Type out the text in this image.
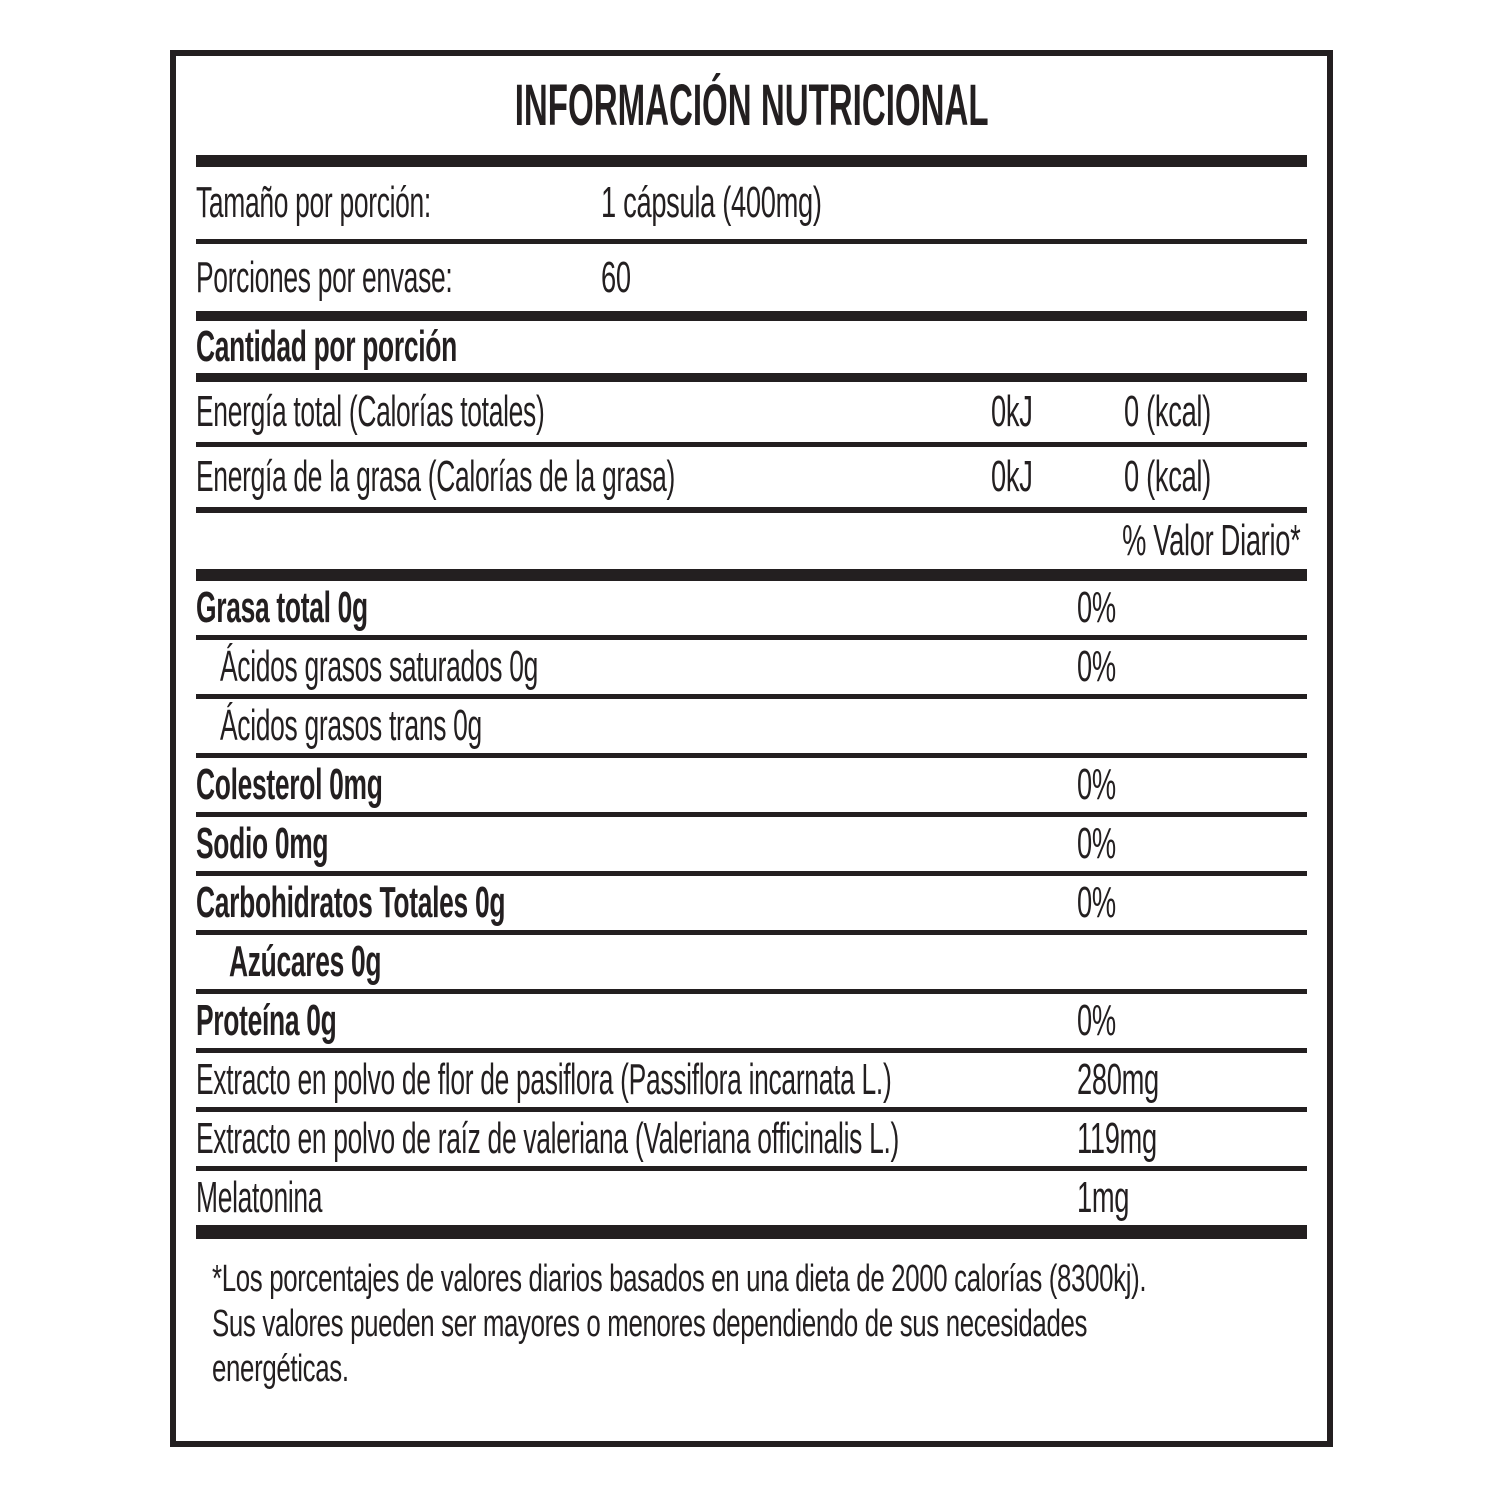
INFORMACIÓN NUTRICIONAL
Tamaño por porción:	1 cápsula (400mg)
Porciones por envase:	60
Cantidad por porción
Energía total (Calorías totales)	0kJ 0 (kcal)
Energía de la grasa (Calorías de la grasa)	0kJ 0 (kcal)
% Valor Diario*
Grasa total 0g	0%
Ácidos grasos saturados 0g	0%
Ácidos grasos trans 0g
Colesterol 0mg	0%
Sodio 0mg	0%
Carbohidratos Totales 0g	0%
Azúcares 0g
Proteína 0g	0%
Extracto en polvo de flor de pasiflora (Passiflora incarnata L.)	280mg
Extracto en polvo de raíz de valeriana (Valeriana officinalis L.)	119mg
Melatonina	1mg
*Los porcentajes de valores diarios basados en una dieta de 2000 calorías (8300kj).
Sus valores pueden ser mayores o menores dependiendo de sus necesidades
energéticas.
